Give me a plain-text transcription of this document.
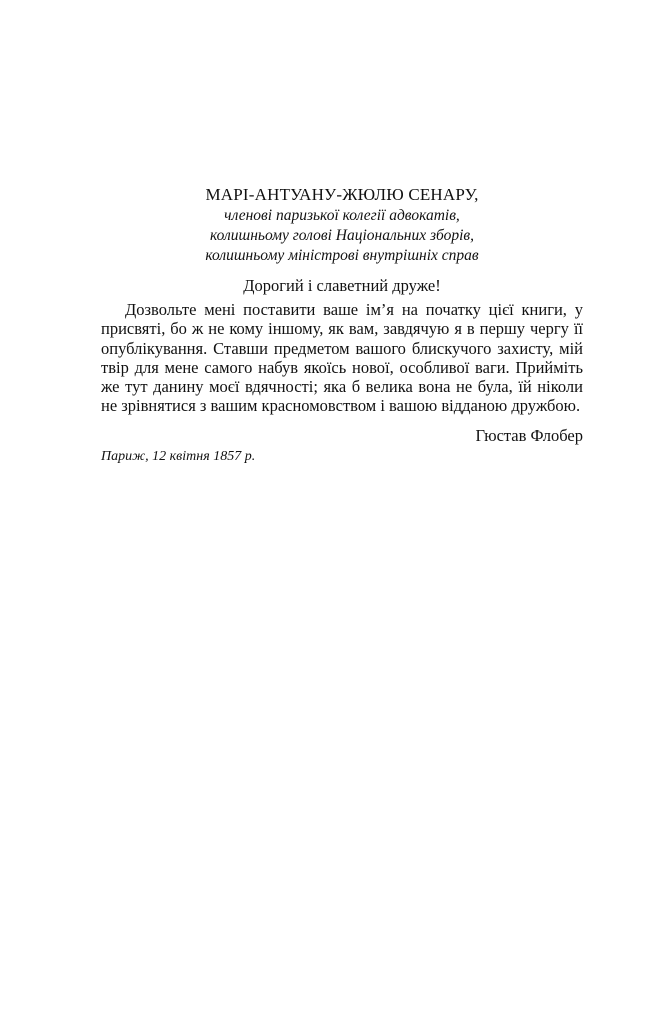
МАРІ-АНТУАНУ-ЖЮЛЮ СЕНАРУ,

членові паризької колегії адвокатів,
колишньому голові Національних зборів,
колишньому міністрові внутрішніх справ

Дорогий і славетний друже!

Дозвольте мені поставити ваше ім’я на початку цієї книги, у присвяті, бо ж не кому іншому, як вам, завдячую я в першу чергу її опублікування. Ставши предметом вашого блискучого захисту, мій твір для мене самого набув якоїсь нової, особливої ваги. Прийміть же тут данину моєї вдячності; яка б велика вона не була, їй ніколи не зрівнятися з вашим красномовством і вашою відданою дружбою.

Гюстав Флобер

Париж, 12 квітня 1857 р.
